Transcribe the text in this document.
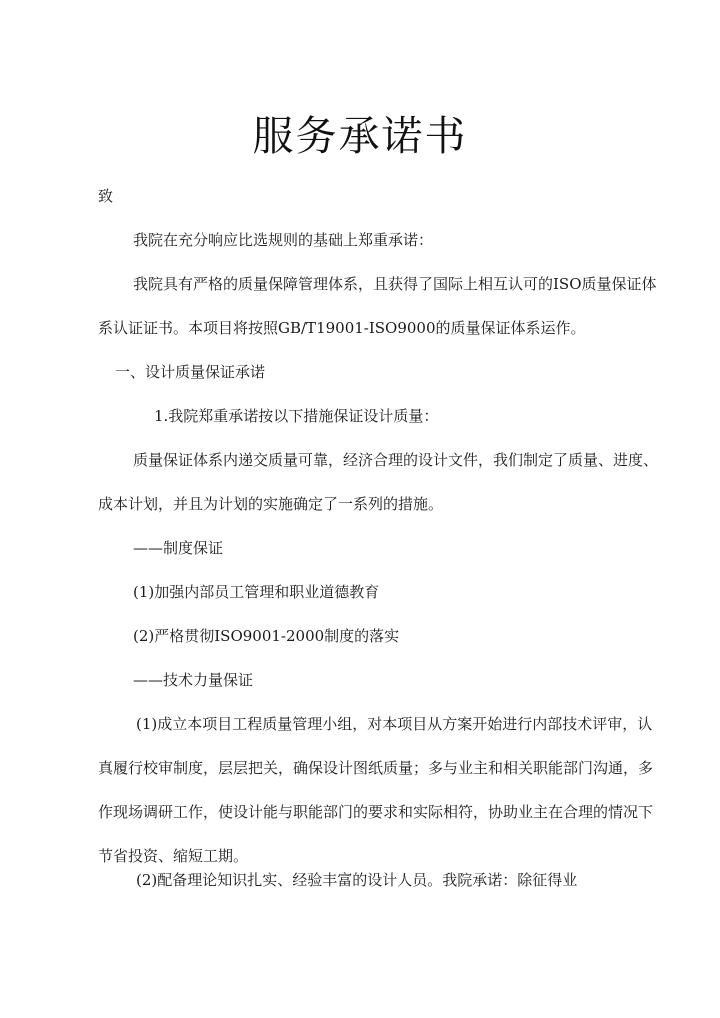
服务承诺书
致
我院在充分响应比选规则的基础上郑重承诺：
我院具有严格的质量保障管理体系，且获得了国际上相互认可的ISO质量保证体
系认证证书。本项目将按照GB/T19001-ISO9000的质量保证体系运作。
一、设计质量保证承诺
1.我院郑重承诺按以下措施保证设计质量：
质量保证体系内递交质量可靠，经济合理的设计文件，我们制定了质量、进度、
成本计划，并且为计划的实施确定了一系列的措施。
——制度保证
(1)加强内部员工管理和职业道德教育
(2)严格贯彻ISO9001-2000制度的落实
——技术力量保证
(1)成立本项目工程质量管理小组，对本项目从方案开始进行内部技术评审，认
真履行校审制度，层层把关，确保设计图纸质量；多与业主和相关职能部门沟通，多
作现场调研工作，使设计能与职能部门的要求和实际相符，协助业主在合理的情况下
节省投资、缩短工期。
(2)配备理论知识扎实、经验丰富的设计人员。我院承诺：除征得业
